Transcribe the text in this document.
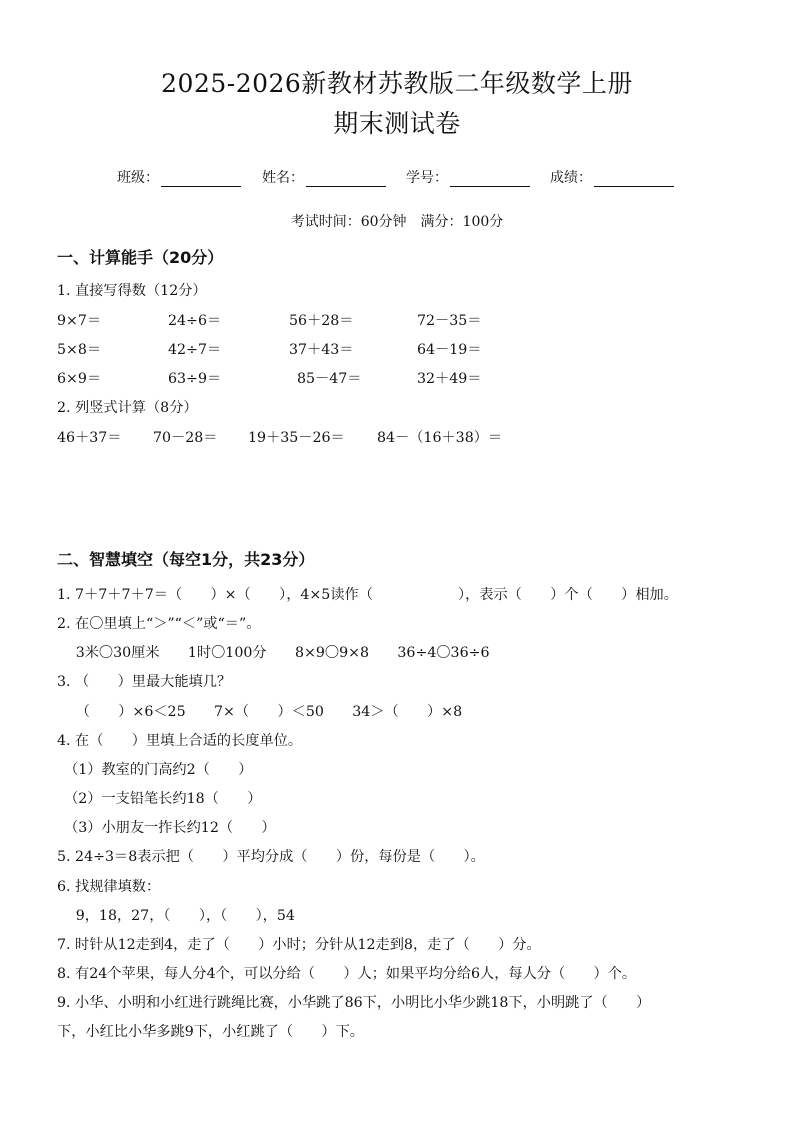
2025-2026新教材苏教版二年级数学上册
期末测试卷
班级：	姓名：	学号：	成绩：
考试时间：60分钟　满分：100分
一、计算能手（20分）
1. 直接写得数（12分）
9×7＝	24÷6＝	56＋28＝	72－35＝
5×8＝	42÷7＝	37＋43＝	64－19＝
6×9＝	63÷9＝	85－47＝	32＋49＝
2. 列竖式计算（8分）
46＋37＝ 70－28＝ 19＋35－26＝ 84－（16＋38）＝
二、智慧填空（每空1分，共23分）
1. 7＋7＋7＋7＝（　　）×（　　），4×5读作（　　　　　　），表示（　　）个（　　）相加。
2. 在〇里填上“＞”“＜”或“＝”。
　 3米〇30厘米　　1时〇100分　　8×9〇9×8　　36÷4〇36÷6
3. （　　）里最大能填几？
　 （　　）×6＜25　　7×（　　）＜50　　34＞（　　）×8
4. 在（　　）里填上合适的长度单位。
　（1）教室的门高约2（　　）
　（2）一支铅笔长约18（　　）
　（3）小朋友一拃长约12（　　）
5. 24÷3＝8表示把（　　）平均分成（　　）份，每份是（　　）。
6. 找规律填数：
　 9，18，27，（　　），（　　），54
7. 时针从12走到4，走了（　　）小时；分针从12走到8，走了（　　）分。
8. 有24个苹果，每人分4个，可以分给（　　）人；如果平均分给6人，每人分（　　）个。
9. 小华、小明和小红进行跳绳比赛，小华跳了86下，小明比小华少跳18下，小明跳了（　　）
下，小红比小华多跳9下，小红跳了（　　）下。
